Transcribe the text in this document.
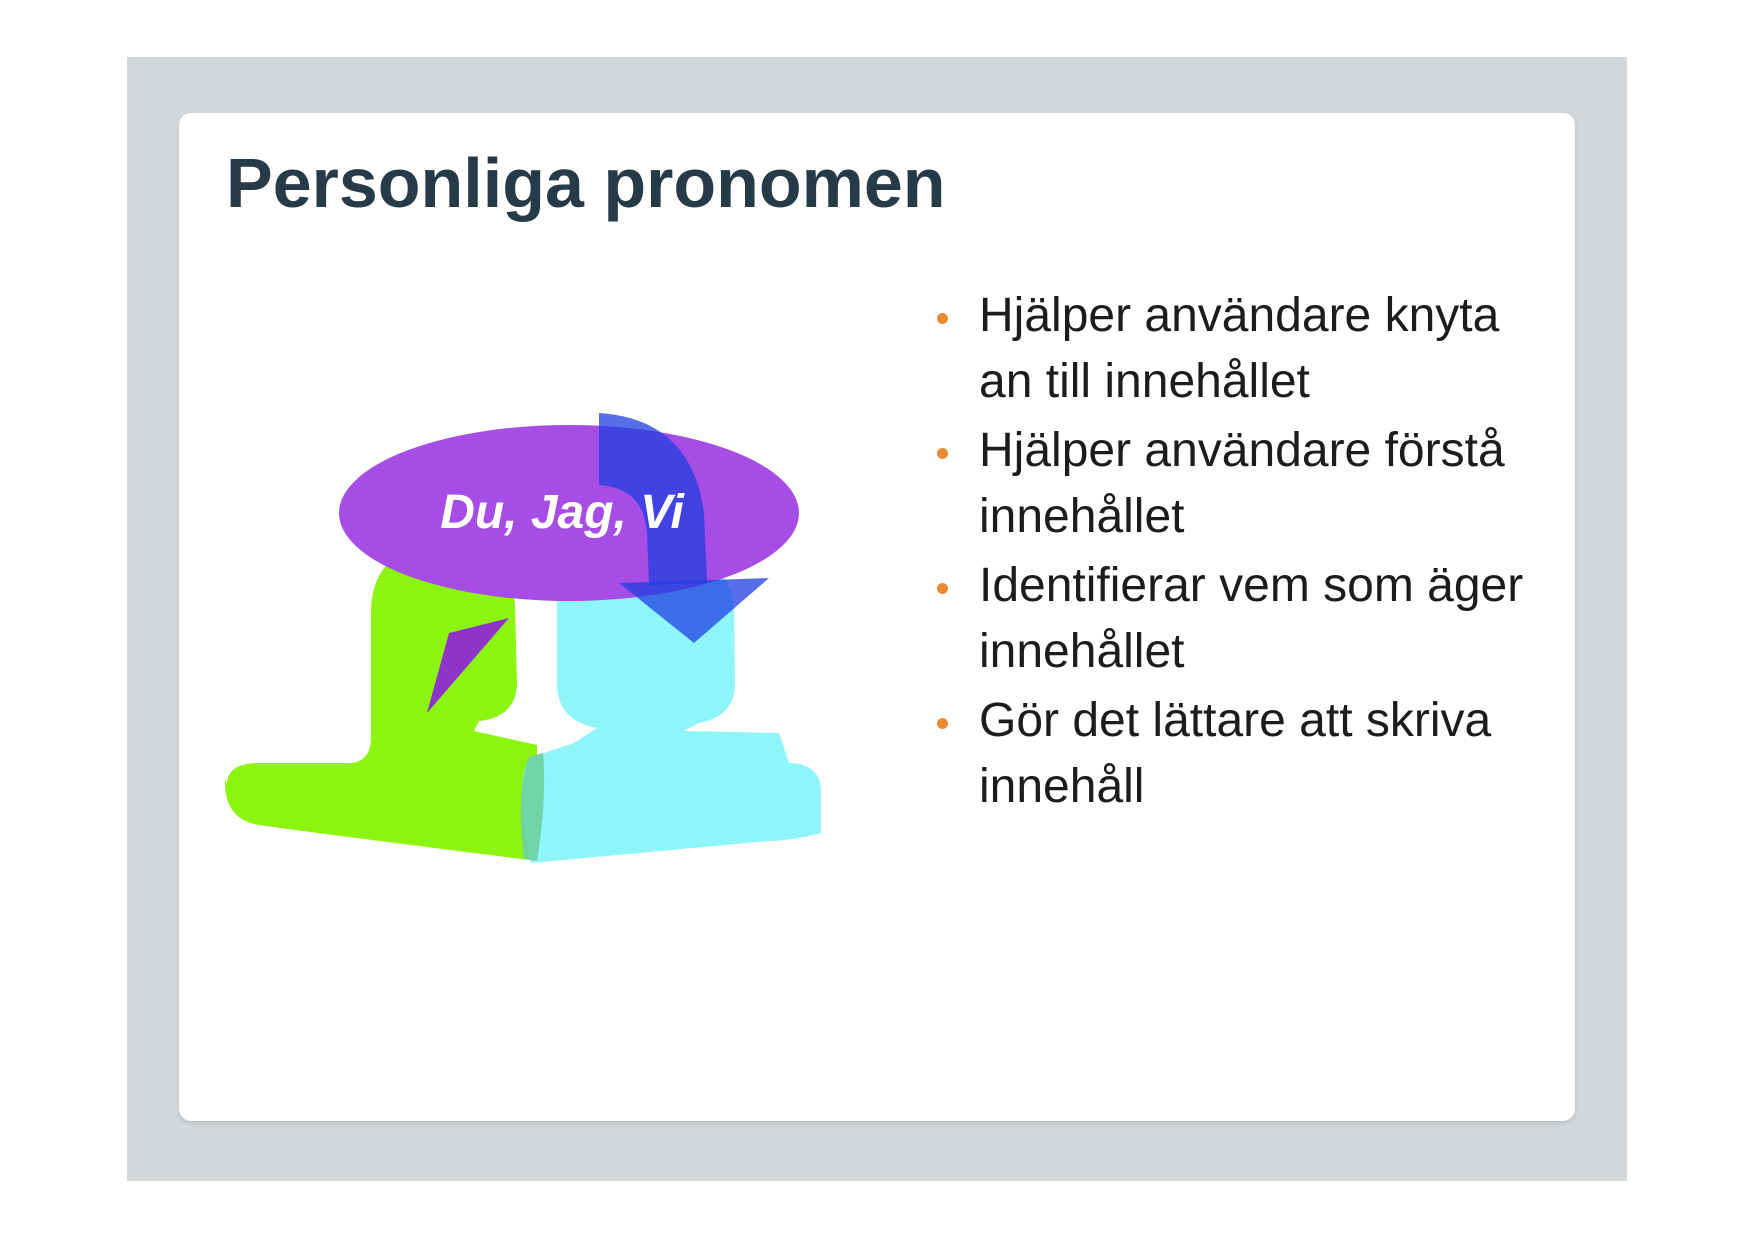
Personliga pronomen
Du, Jag, Vi
Hjälper användare knyta an till innehållet
Hjälper användare förstå innehållet
Identifierar vem som äger innehållet
Gör det lättare att skriva innehåll
